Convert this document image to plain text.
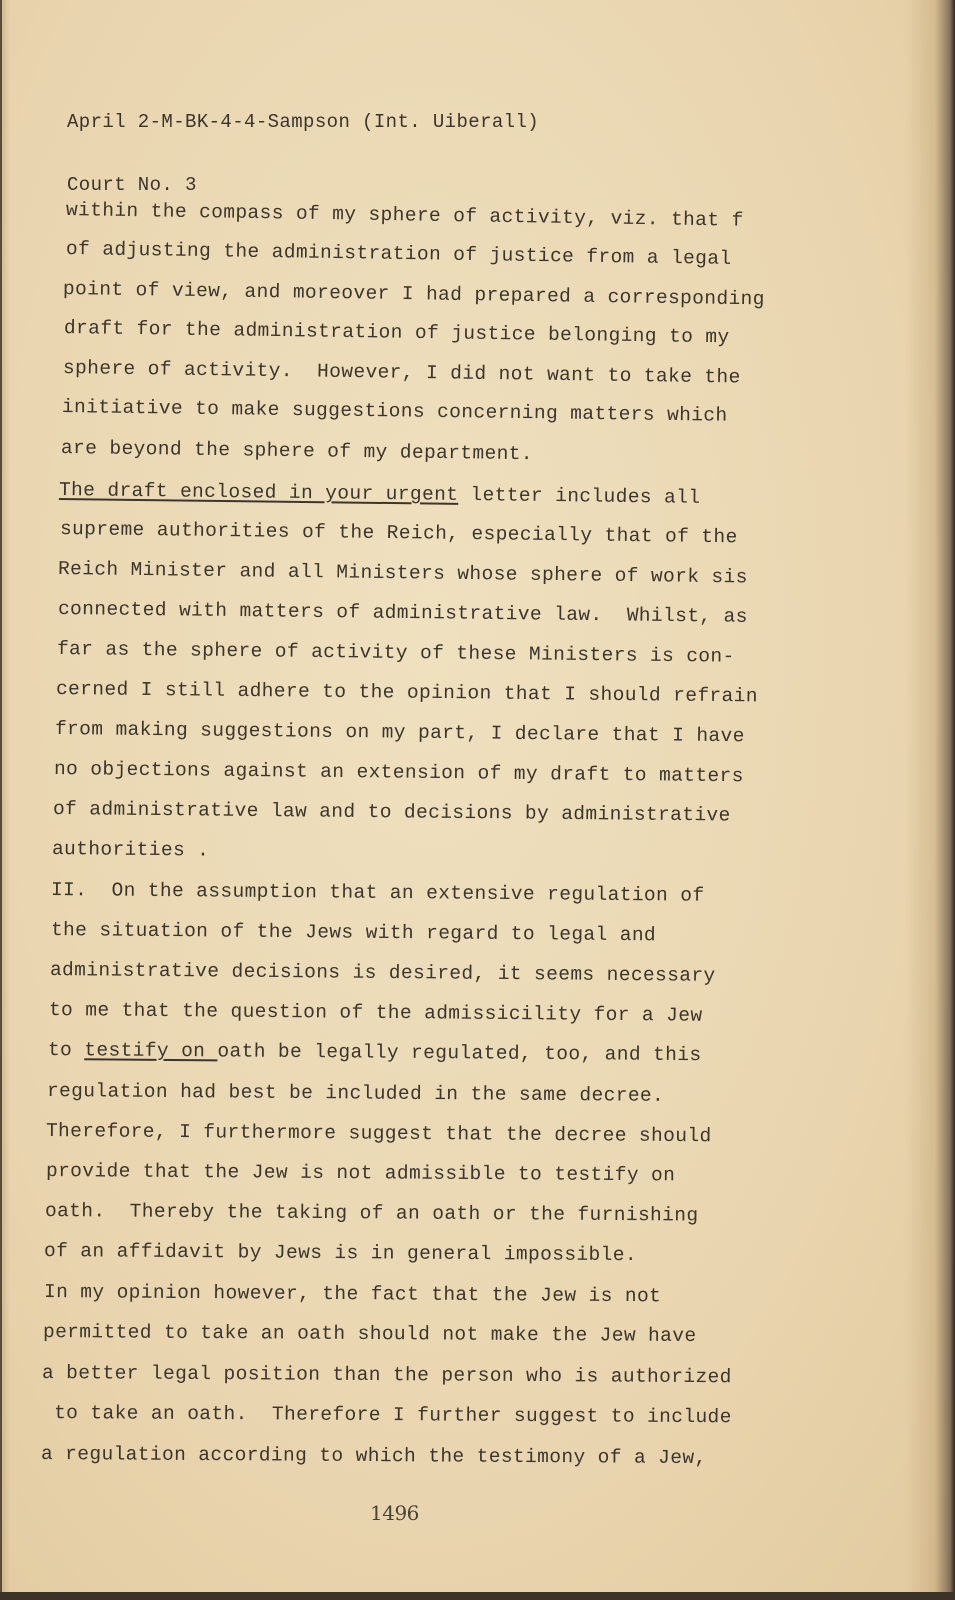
April 2-M-BK-4-4-Sampson (Int. Uiberall)

Court No. 3

within the compass of my sphere of activity, viz. that f
of adjusting the administration of justice from a legal
point of view, and moreover I had prepared a corresponding
draft for the administration of justice belonging to my
sphere of activity.  However, I did not want to take the
initiative to make suggestions concerning matters which
are beyond the sphere of my department.
The draft enclosed in your urgent letter includes all
supreme authorities of the Reich, especially that of the
Reich Minister and all Ministers whose sphere of work sis
connected with matters of administrative law.  Whilst, as
far as the sphere of activity of these Ministers is con-
cerned I still adhere to the opinion that I should refrain
from making suggestions on my part, I declare that I have
no objections against an extension of my draft to matters
of administrative law and to decisions by administrative
authorities .
II.  On the assumption that an extensive regulation of
the situation of the Jews with regard to legal and
administrative decisions is desired, it seems necessary
to me that the question of the admissicility for a Jew
to testify on oath be legally regulated, too, and this
regulation had best be included in the same decree.
Therefore, I furthermore suggest that the decree should
provide that the Jew is not admissible to testify on
oath.  Thereby the taking of an oath or the furnishing
of an affidavit by Jews is in general impossible.
In my opinion however, the fact that the Jew is not
permitted to take an oath should not make the Jew have
a better legal position than the person who is authorized
to take an oath.  Therefore I further suggest to include
a regulation according to which the testimony of a Jew,
1496
